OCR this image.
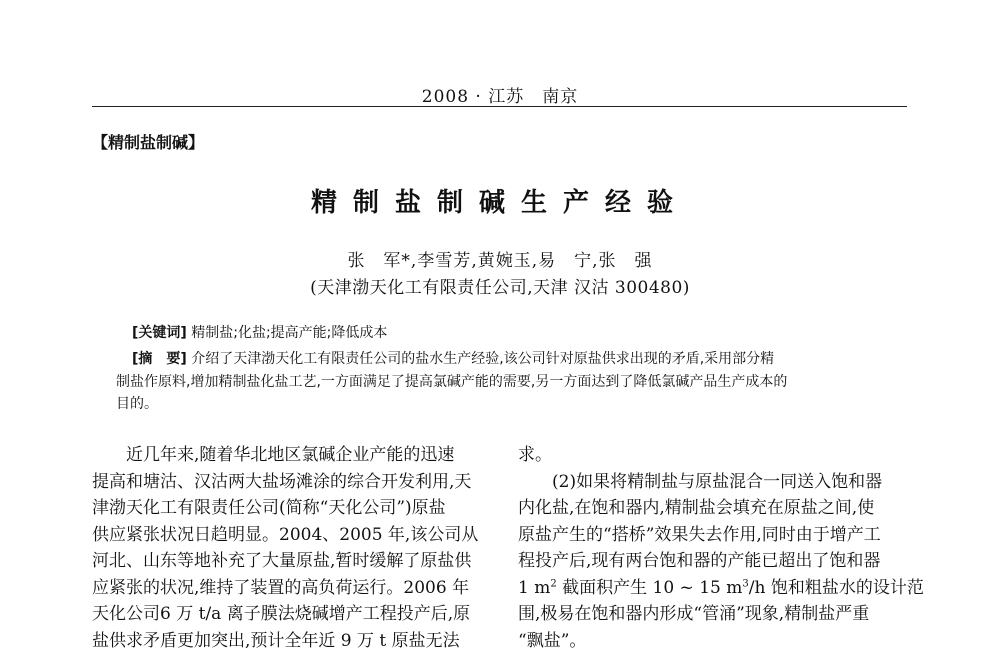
2008 · 江苏　南京
【精制盐制碱】
精制盐制碱生产经验
张　军*,李雪芳,黄婉玉,易　宁,张　强
(天津渤天化工有限责任公司,天津 汉沽 300480)
[关键词] 精制盐;化盐;提高产能;降低成本
[摘　要] 介绍了天津渤天化工有限责任公司的盐水生产经验,该公司针对原盐供求出现的矛盾,采用部分精
制盐作原料,增加精制盐化盐工艺,一方面满足了提高氯碱产能的需要,另一方面达到了降低氯碱产品生产成本的
目的。
近几年来,随着华北地区氯碱企业产能的迅速
提高和塘沽、汉沽两大盐场滩涂的综合开发利用,天
津渤天化工有限责任公司(简称“天化公司”)原盐
供应紧张状况日趋明显。2004、2005 年,该公司从
河北、山东等地补充了大量原盐,暂时缓解了原盐供
应紧张的状况,维持了装置的高负荷运行。2006 年
天化公司6 万 t/a 离子膜法烧碱增产工程投产后,原
盐供求矛盾更加突出,预计全年近 9 万 t 原盐无法
求。
(2)如果将精制盐与原盐混合一同送入饱和器
内化盐,在饱和器内,精制盐会填充在原盐之间,使
原盐产生的“搭桥”效果失去作用,同时由于增产工
程投产后,现有两台饱和器的产能已超出了饱和器
1 $m^2$ 截面积产生 10 ~ 15 $m^3/h$ 饱和粗盐水的设计范
围,极易在饱和器内形成“管涌”现象,精制盐严重
“飘盐”。
